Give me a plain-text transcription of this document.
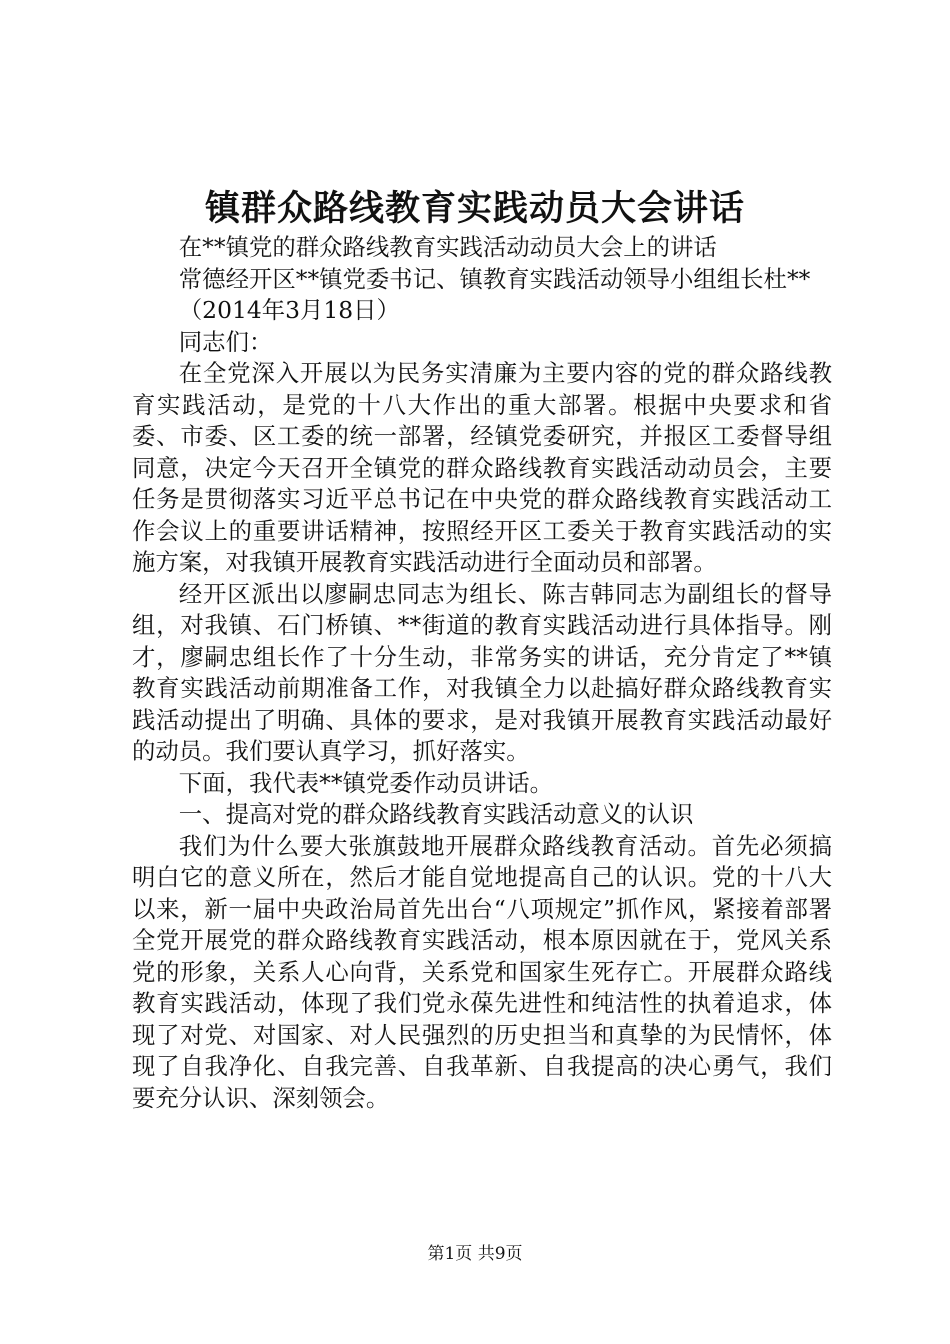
镇群众路线教育实践动员大会讲话

在**镇党的群众路线教育实践活动动员大会上的讲话

常德经开区**镇党委书记、镇教育实践活动领导小组组长杜**

（2014年3月18日）

同志们：

在全党深入开展以为民务实清廉为主要内容的党的群众路线教育实践活动，是党的十八大作出的重大部署。根据中央要求和省委、市委、区工委的统一部署，经镇党委研究，并报区工委督导组同意，决定今天召开全镇党的群众路线教育实践活动动员会，主要任务是贯彻落实习近平总书记在中央党的群众路线教育实践活动工作会议上的重要讲话精神，按照经开区工委关于教育实践活动的实施方案，对我镇开展教育实践活动进行全面动员和部署。

经开区派出以廖嗣忠同志为组长、陈吉韩同志为副组长的督导组，对我镇、石门桥镇、**街道的教育实践活动进行具体指导。刚才，廖嗣忠组长作了十分生动，非常务实的讲话，充分肯定了**镇教育实践活动前期准备工作，对我镇全力以赴搞好群众路线教育实践活动提出了明确、具体的要求，是对我镇开展教育实践活动最好的动员。我们要认真学习，抓好落实。

下面，我代表**镇党委作动员讲话。

一、提高对党的群众路线教育实践活动意义的认识

我们为什么要大张旗鼓地开展群众路线教育活动。首先必须搞明白它的意义所在，然后才能自觉地提高自己的认识。党的十八大以来，新一届中央政治局首先出台“八项规定”抓作风，紧接着部署全党开展党的群众路线教育实践活动，根本原因就在于，党风关系党的形象，关系人心向背，关系党和国家生死存亡。开展群众路线教育实践活动，体现了我们党永葆先进性和纯洁性的执着追求，体现了对党、对国家、对人民强烈的历史担当和真挚的为民情怀，体现了自我净化、自我完善、自我革新、自我提高的决心勇气，我们要充分认识、深刻领会。

第1页 共9页
